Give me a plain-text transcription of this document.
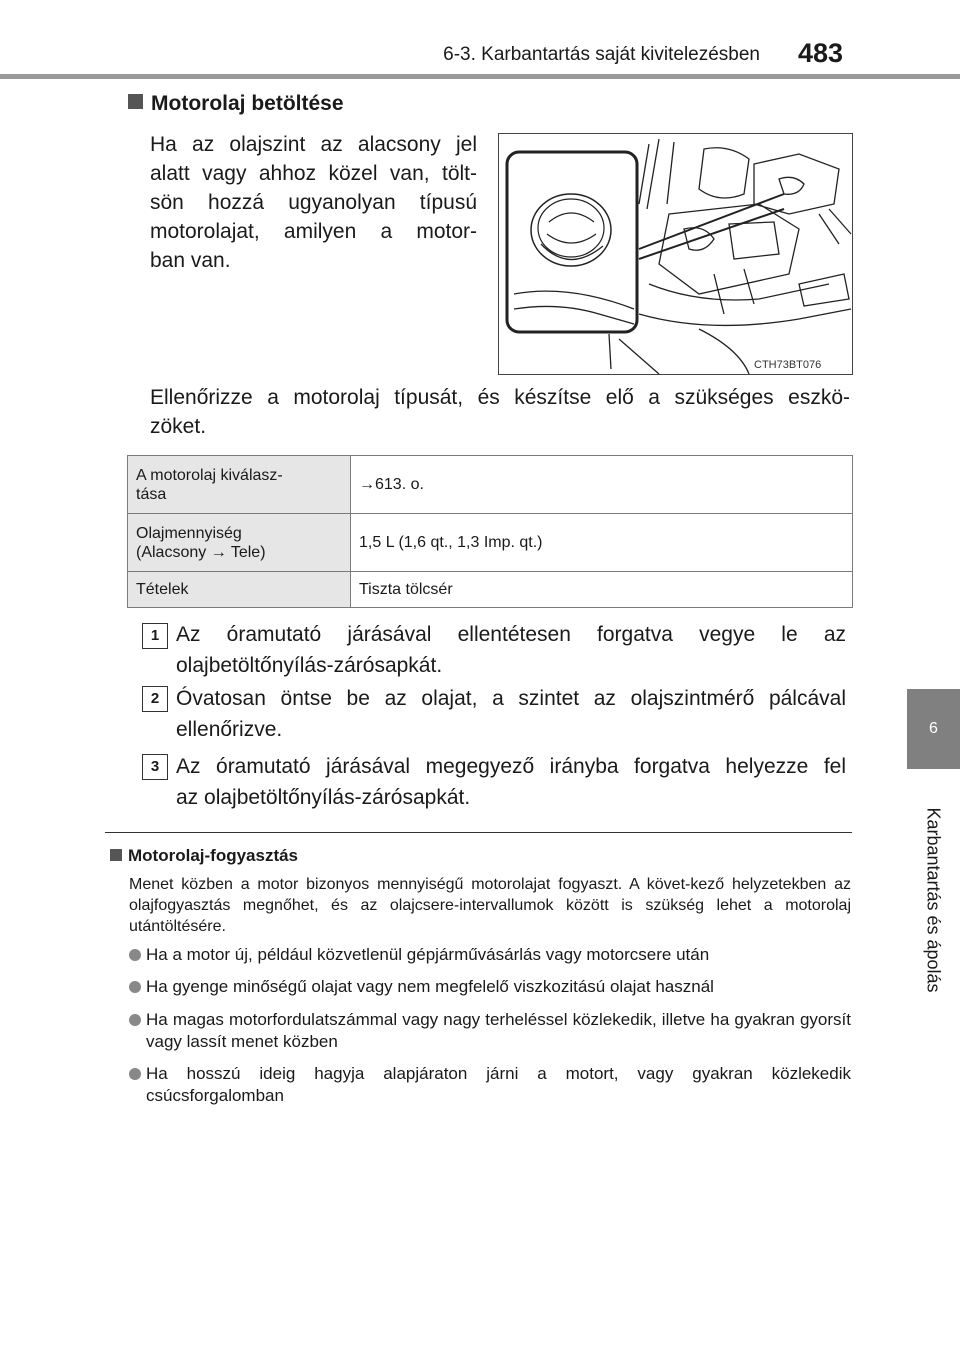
6-3. Karbantartás saját kivitelezésben 483
6
Karbantartás és ápolás
Motorolaj betöltése
Ha az olajszint az alacsony jel
alatt vagy ahhoz közel van, tölt-
sön hozzá ugyanolyan típusú
motorolajat, amilyen a motor-
ban van.
CTH73BT076
Ellenőrizze a motorolaj típusát, és készítse elő a szükséges eszkö-
zöket.
A motorolaj kiválasz-
tása	→613. o.
Olajmennyiség
(Alacsony → Tele)	1,5 L (1,6 qt., 1,3 Imp. qt.)
Tételek	Tiszta tölcsér
1 Az óramutató járásával ellentétesen forgatva vegye le az
olajbetöltőnyílás-zárósapkát.
2 Óvatosan öntse be az olajat, a szintet az olajszintmérő pálcával
ellenőrizve.
3 Az óramutató járásával megegyező irányba forgatva helyezze fel
az olajbetöltőnyílás-zárósapkát.
Motorolaj-fogyasztás
Menet közben a motor bizonyos mennyiségű motorolajat fogyaszt. A követ-kező helyzetekben az olajfogyasztás megnőhet, és az olajcsere-intervallumok között is szükség lehet a motorolaj utántöltésére.
Ha a motor új, például közvetlenül gépjárművásárlás vagy motorcsere után
Ha gyenge minőségű olajat vagy nem megfelelő viszkozitású olajat használ
Ha magas motorfordulatszámmal vagy nagy terheléssel közlekedik, illetve ha gyakran gyorsít vagy lassít menet közben
Ha hosszú ideig hagyja alapjáraton járni a motort, vagy gyakran közlekedik csúcsforgalomban
